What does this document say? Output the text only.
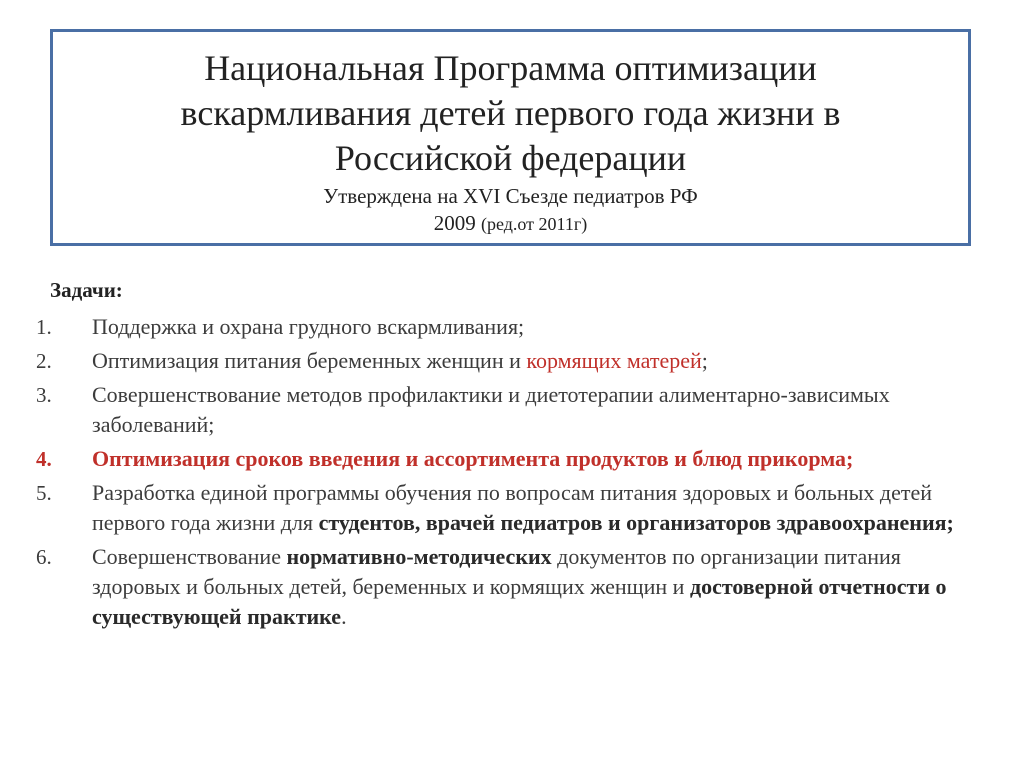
Национальная Программа оптимизации
вскармливания детей первого года жизни в
Российской федерации
Утверждена на XVI Съезде педиатров РФ
2009 (ред.от 2011г)
Задачи:
1.	Поддержка и охрана грудного вскармливания;
2.	Оптимизация питания беременных женщин и кормящих матерей;
3.	Совершенствование методов профилактики и диетотерапии алиментарно-зависимых заболеваний;
4.	Оптимизация сроков введения и ассортимента продуктов и блюд прикорма;
5.	Разработка единой программы обучения по вопросам питания здоровых и больных детей первого года жизни для студентов, врачей педиатров и организаторов здравоохранения;
6.	Совершенствование нормативно-методических документов по организации питания здоровых и больных детей, беременных и кормящих женщин и достоверной отчетности о существующей практике.
